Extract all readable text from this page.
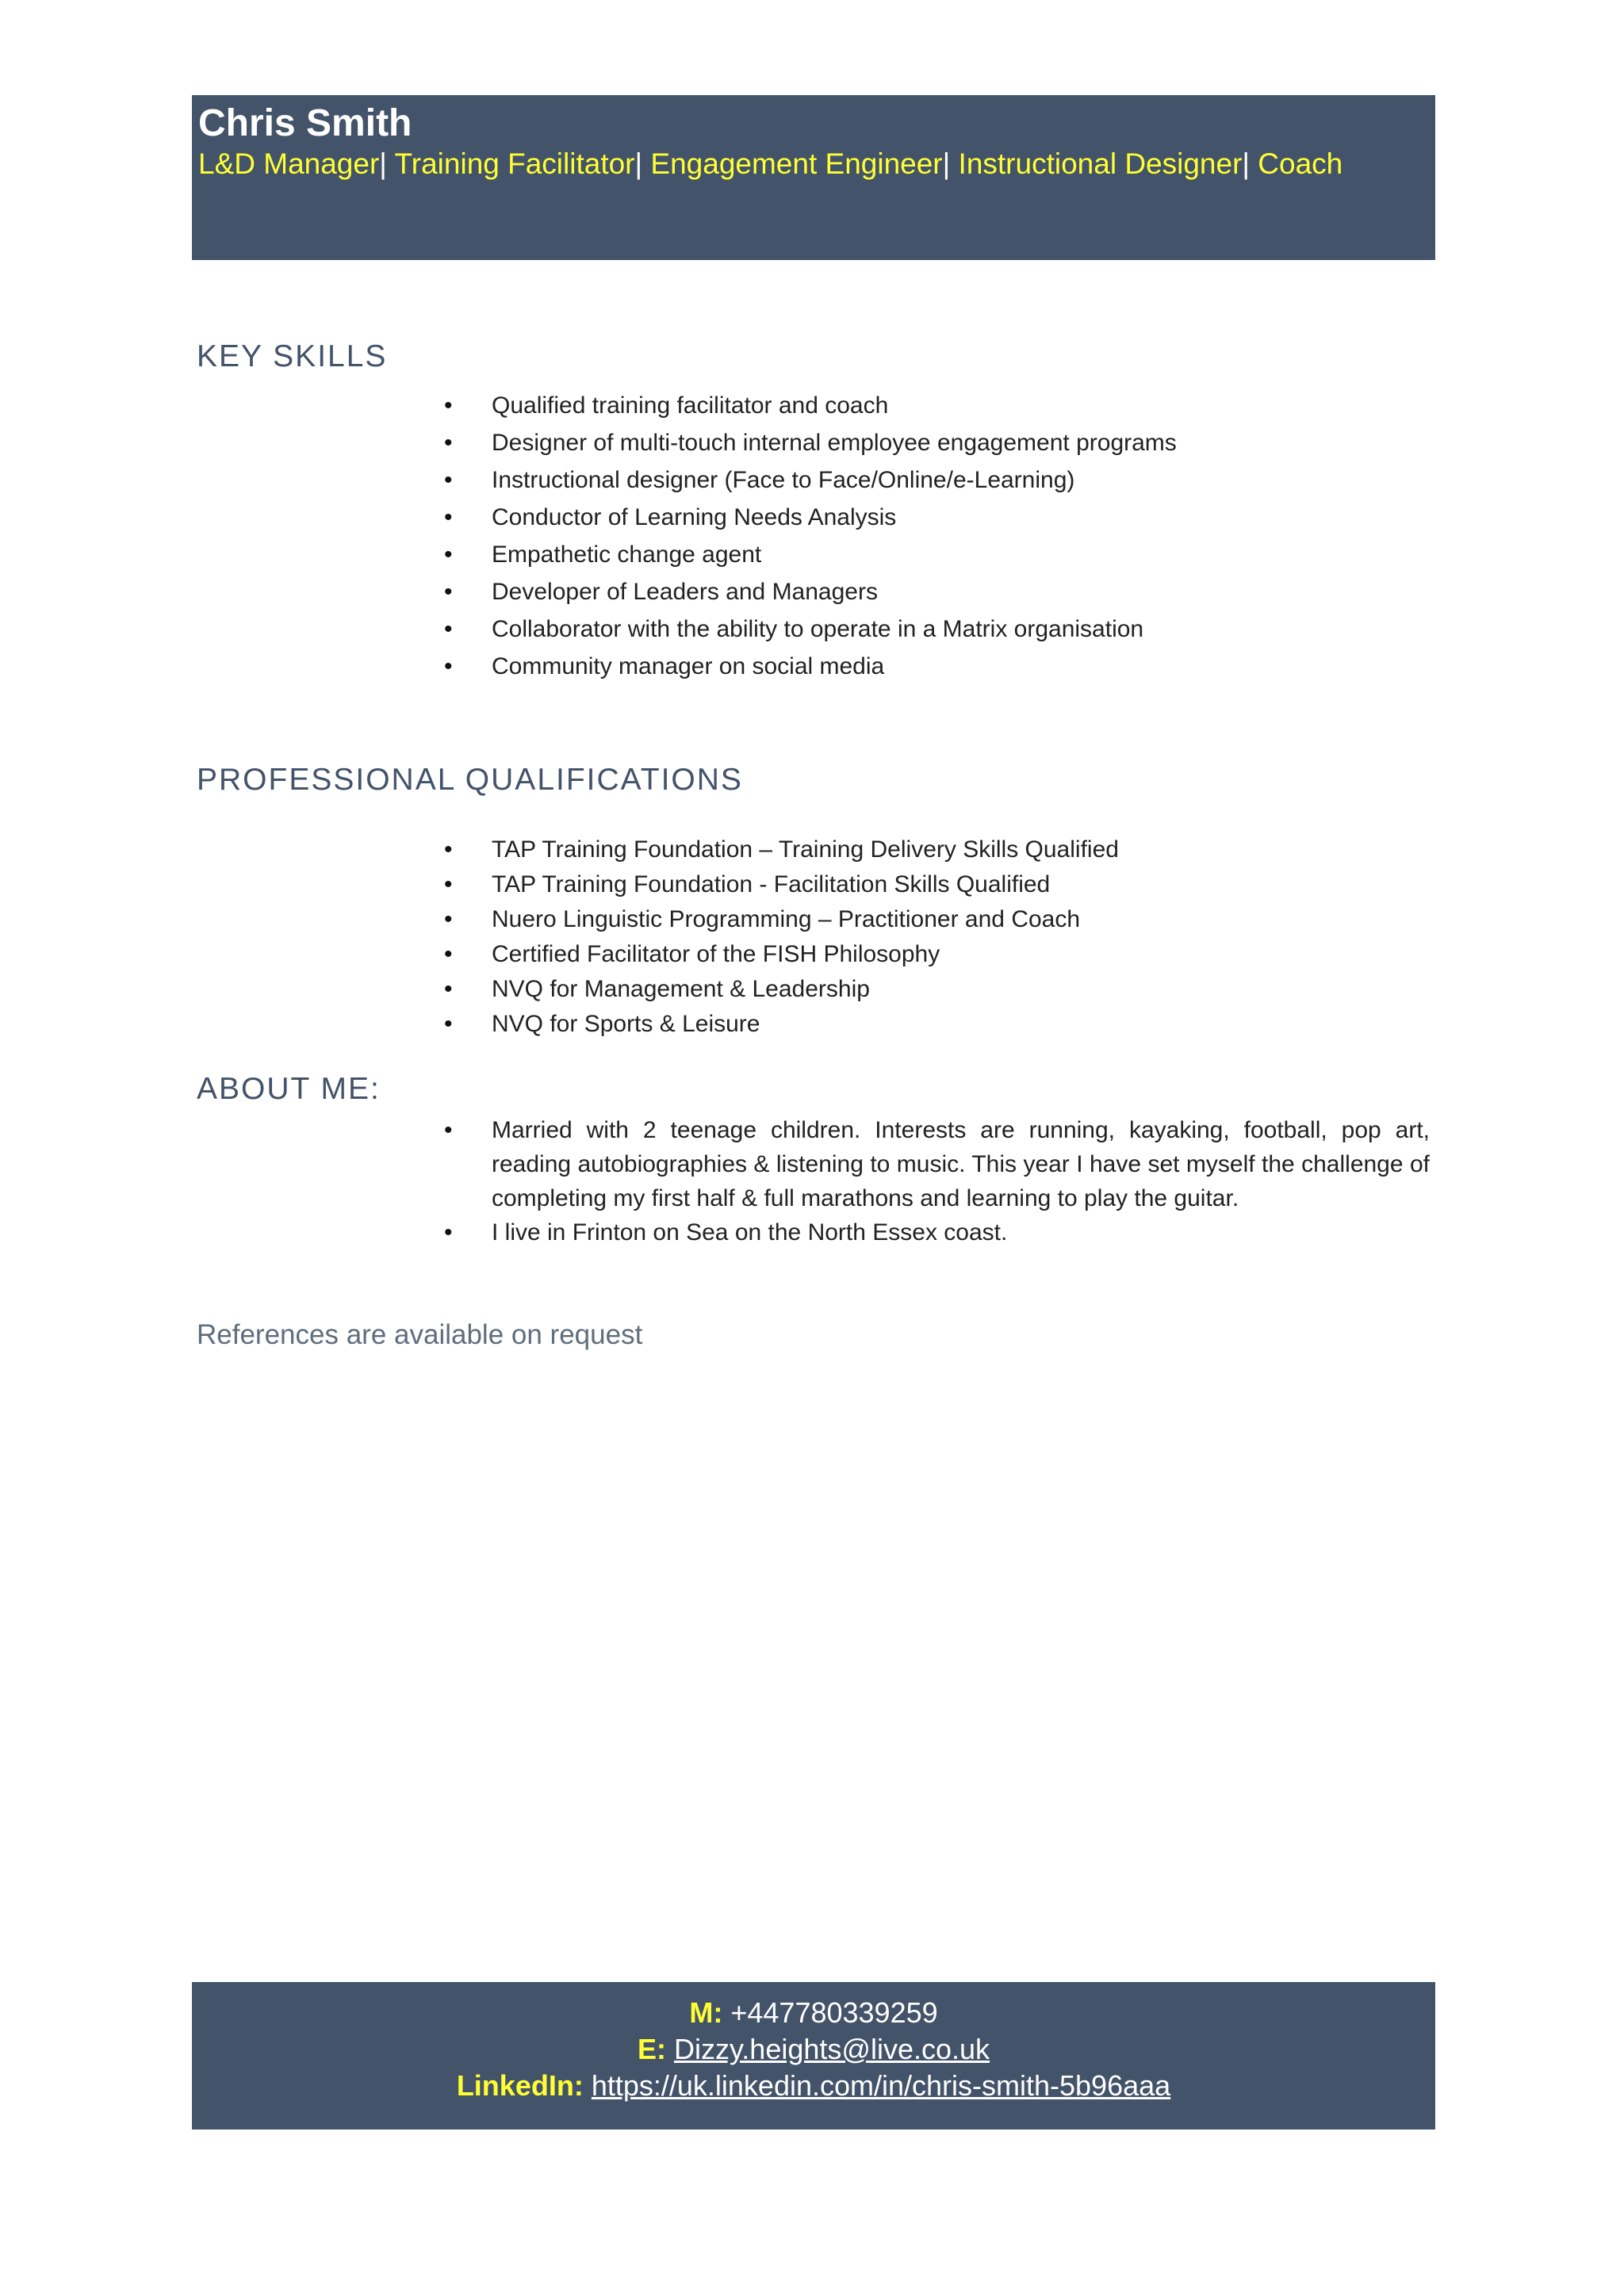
Chris Smith
L&D Manager| Training Facilitator| Engagement Engineer| Instructional Designer| Coach
KEY SKILLS
• Qualified training facilitator and coach
• Designer of multi-touch internal employee engagement programs
• Instructional designer (Face to Face/Online/e-Learning)
• Conductor of Learning Needs Analysis
• Empathetic change agent
• Developer of Leaders and Managers
• Collaborator with the ability to operate in a Matrix organisation
• Community manager on social media
PROFESSIONAL QUALIFICATIONS
• TAP Training Foundation – Training Delivery Skills Qualified
• TAP Training Foundation - Facilitation Skills Qualified
• Nuero Linguistic Programming – Practitioner and Coach
• Certified Facilitator of the FISH Philosophy
• NVQ for Management & Leadership
• NVQ for Sports & Leisure
ABOUT ME:
• Married with 2 teenage children. Interests are running, kayaking, football, pop art, reading autobiographies & listening to music. This year I have set myself the challenge of completing my first half & full marathons and learning to play the guitar.
• I live in Frinton on Sea on the North Essex coast.
References are available on request
M: +447780339259
E: Dizzy.heights@live.co.uk
LinkedIn: https://uk.linkedin.com/in/chris-smith-5b96aaa
